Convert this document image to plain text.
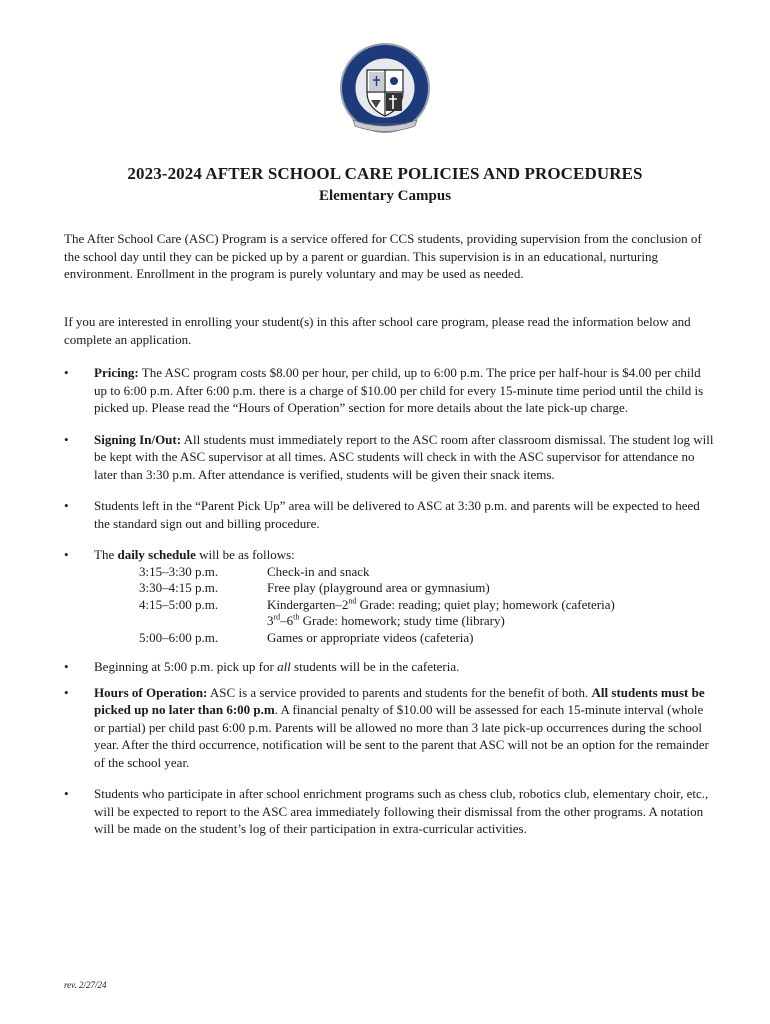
2023-2024 AFTER SCHOOL CARE POLICIES AND PROCEDURES
Elementary Campus

The After School Care (ASC) Program is a service offered for CCS students, providing supervision from the conclusion of the school day until they can be picked up by a parent or guardian. This supervision is in an educational, nurturing environment. Enrollment in the program is purely voluntary and may be used as needed.

If you are interested in enrolling your student(s) in this after school care program, please read the information below and complete an application.

• Pricing: The ASC program costs $8.00 per hour, per child, up to 6:00 p.m. The price per half-hour is $4.00 per child up to 6:00 p.m. After 6:00 p.m. there is a charge of $10.00 per child for every 15-minute time period until the child is picked up. Please read the “Hours of Operation” section for more details about the late pick-up charge.
• Signing In/Out: All students must immediately report to the ASC room after classroom dismissal. The student log will be kept with the ASC supervisor at all times. ASC students will check in with the ASC supervisor for attendance no later than 3:30 p.m. After attendance is verified, students will be given their snack items.
• Students left in the “Parent Pick Up” area will be delivered to ASC at 3:30 p.m. and parents will be expected to heed the standard sign out and billing procedure.
• The daily schedule will be as follows:
3:15–3:30 p.m.	Check-in and snack
3:30–4:15 p.m.	Free play (playground area or gymnasium)
4:15–5:00 p.m.	Kindergarten–2nd Grade: reading; quiet play; homework (cafeteria)
3rd–6th Grade: homework; study time (library)
5:00–6:00 p.m.	Games or appropriate videos (cafeteria)
• Beginning at 5:00 p.m. pick up for all students will be in the cafeteria.
• Hours of Operation: ASC is a service provided to parents and students for the benefit of both. All students must be picked up no later than 6:00 p.m. A financial penalty of $10.00 will be assessed for each 15-minute interval (whole or partial) per child past 6:00 p.m. Parents will be allowed no more than 3 late pick-up occurrences during the school year. After the third occurrence, notification will be sent to the parent that ASC will not be an option for the remainder of the school year.
• Students who participate in after school enrichment programs such as chess club, robotics club, elementary choir, etc., will be expected to report to the ASC area immediately following their dismissal from the other programs. A notation will be made on the student’s log of their participation in extra-curricular activities.
rev. 2/27/24
